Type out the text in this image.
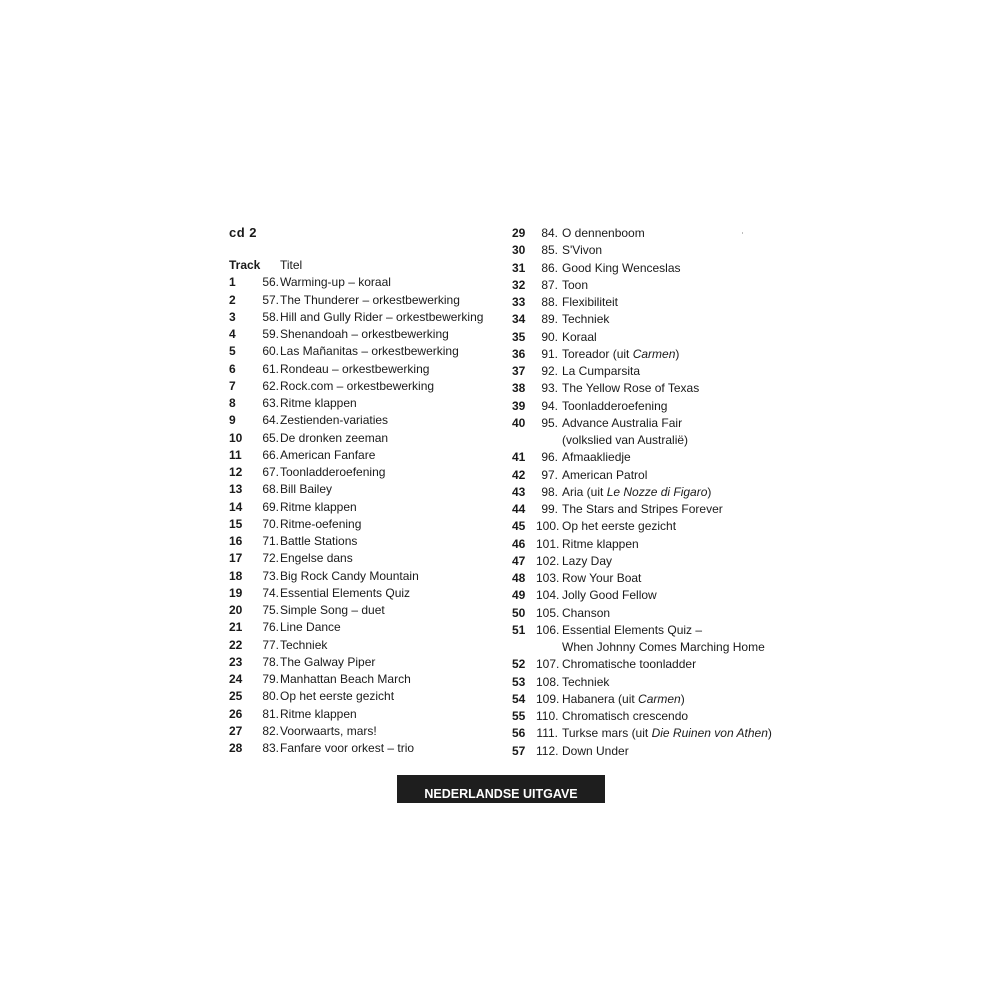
cd 2
Track Titel
1	56. Warming-up – koraal
2	57. The Thunderer – orkestbewerking
3	58. Hill and Gully Rider – orkestbewerking
4	59. Shenandoah – orkestbewerking
5	60. Las Mañanitas – orkestbewerking
6	61. Rondeau – orkestbewerking
7	62. Rock.com – orkestbewerking
8	63. Ritme klappen
9	64. Zestienden-variaties
10	65. De dronken zeeman
11	66. American Fanfare
12	67. Toonladderoefening
13	68. Bill Bailey
14	69. Ritme klappen
15	70. Ritme-oefening
16	71. Battle Stations
17	72. Engelse dans
18	73. Big Rock Candy Mountain
19	74. Essential Elements Quiz
20	75. Simple Song – duet
21	76. Line Dance
22	77. Techniek
23	78. The Galway Piper
24	79. Manhattan Beach March
25	80. Op het eerste gezicht
26	81. Ritme klappen
27	82. Voorwaarts, mars!
28	83. Fanfare voor orkest – trio
29	84. O dennenboom
30	85. S'Vivon
31	86. Good King Wenceslas
32	87. Toon
33	88. Flexibiliteit
34	89. Techniek
35	90. Koraal
36	91. Toreador (uit Carmen)
37	92. La Cumparsita
38	93. The Yellow Rose of Texas
39	94. Toonladderoefening
40	95. Advance Australia Fair
(volkslied van Australië)
41	96. Afmaakliedje
42	97. American Patrol
43	98. Aria (uit Le Nozze di Figaro)
44	99. The Stars and Stripes Forever
45 100. Op het eerste gezicht
46 101. Ritme klappen
47 102. Lazy Day
48 103. Row Your Boat
49 104. Jolly Good Fellow
50 105. Chanson
51 106. Essential Elements Quiz –
When Johnny Comes Marching Home
52 107. Chromatische toonladder
53 108. Techniek
54 109. Habanera (uit Carmen)
55 110. Chromatisch crescendo
56 111. Turkse mars (uit Die Ruinen von Athen)
57 112. Down Under
NEDERLANDSE UITGAVE
